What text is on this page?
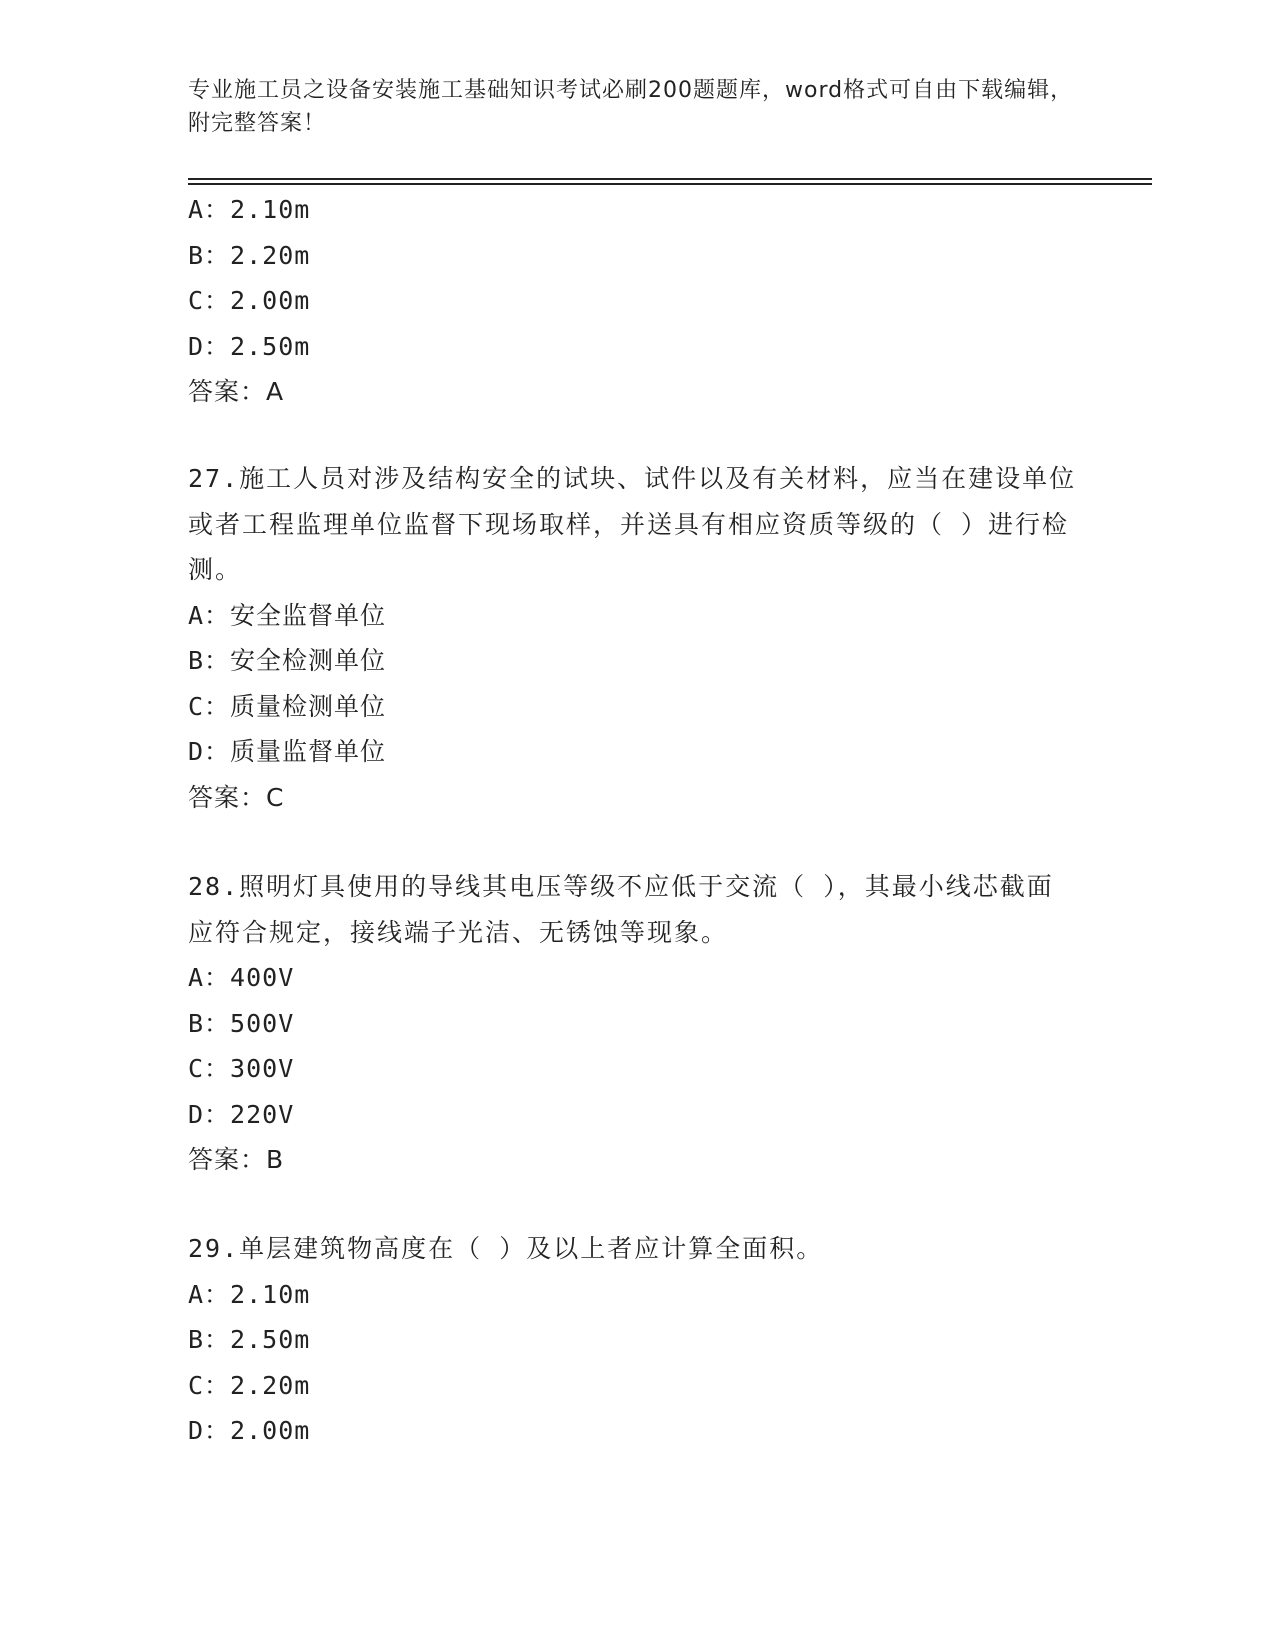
专业施工员之设备安装施工基础知识考试必刷200题题库，word格式可自由下载编辑，附完整答案！
A：2.10m
B：2.20m
C：2.00m
D：2.50m
答案：A
27.施工人员对涉及结构安全的试块、试件以及有关材料，应当在建设单位或者工程监理单位监督下现场取样，并送具有相应资质等级的（ ）进行检测。
A：安全监督单位
B：安全检测单位
C：质量检测单位
D：质量监督单位
答案：C
28.照明灯具使用的导线其电压等级不应低于交流（ ），其最小线芯截面应符合规定，接线端子光洁、无锈蚀等现象。
A：400V
B：500V
C：300V
D：220V
答案：B
29.单层建筑物高度在（ ）及以上者应计算全面积。
A：2.10m
B：2.50m
C：2.20m
D：2.00m
